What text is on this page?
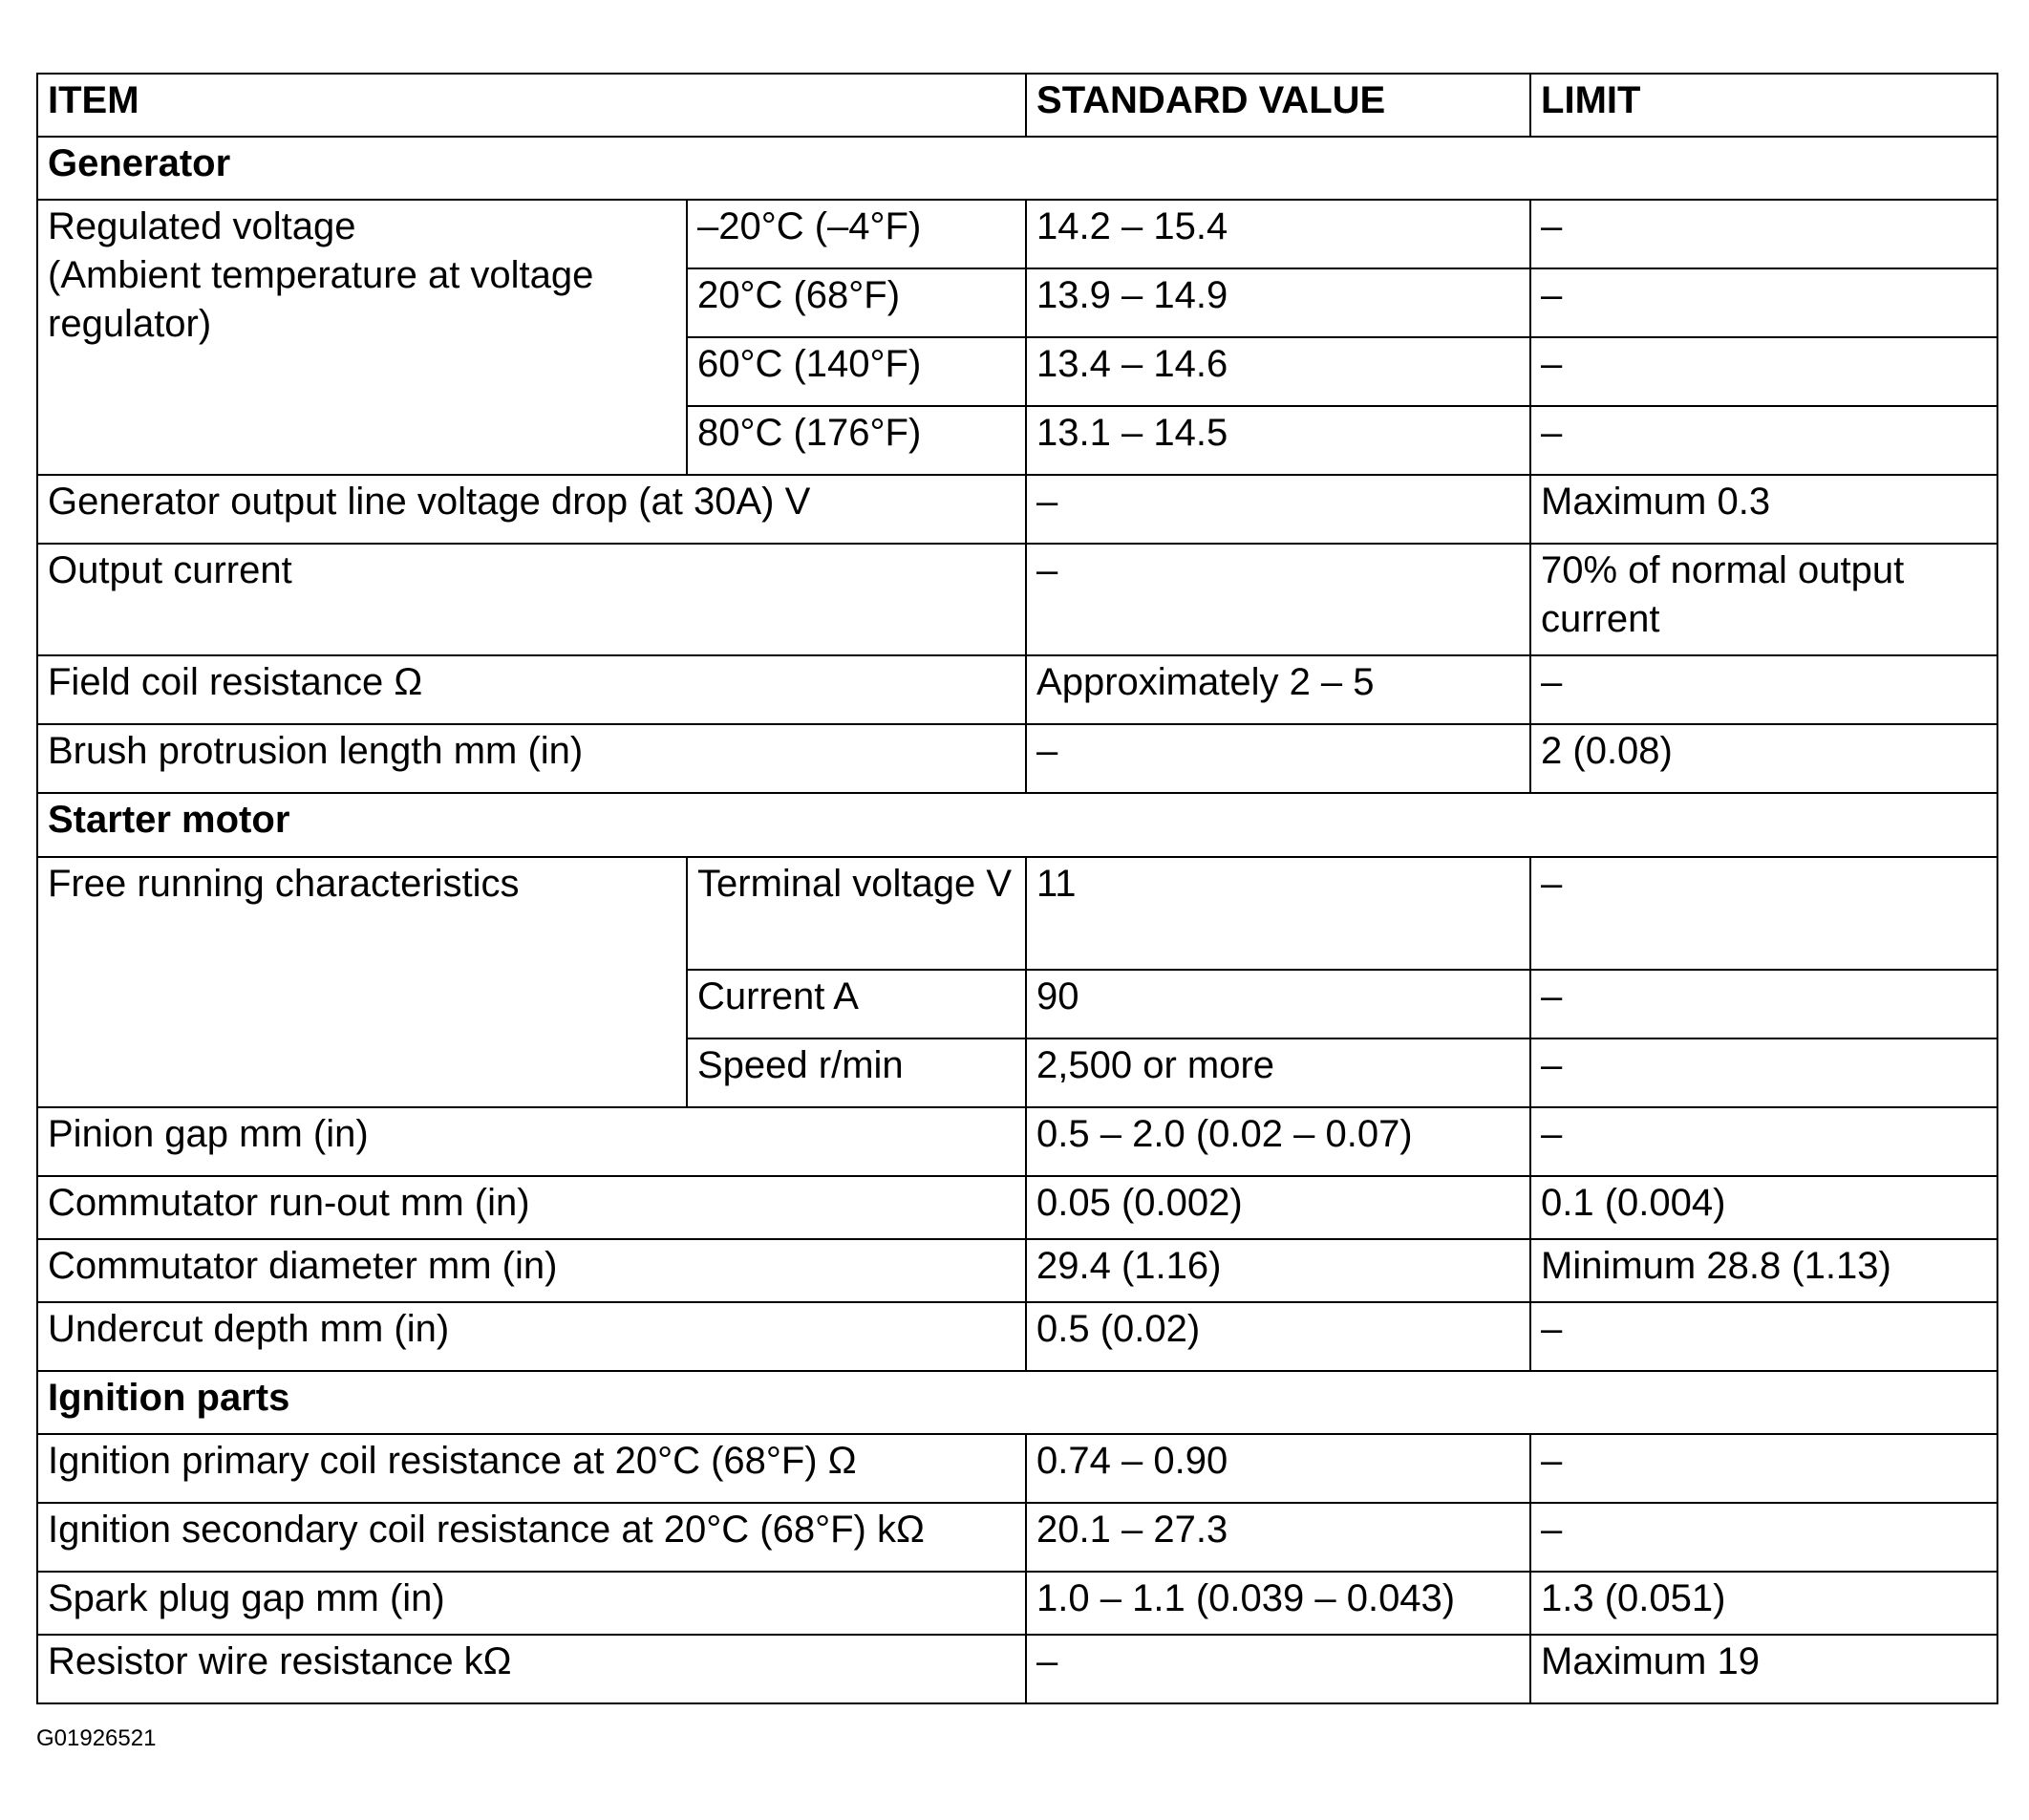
ITEM		STANDARD VALUE	LIMIT
Generator			
Regulated voltage
(Ambient temperature at voltage regulator)	–20°C (–4°F)	14.2 – 15.4	–
	20°C (68°F)	13.9 – 14.9	–
	60°C (140°F)	13.4 – 14.6	–
	80°C (176°F)	13.1 – 14.5	–
Generator output line voltage drop (at 30A) V		–	Maximum 0.3
Output current		–	70% of normal output current
Field coil resistance Ω		Approximately 2 – 5	–
Brush protrusion length mm (in)		–	2 (0.08)
Starter motor			
Free running characteristics	Terminal voltage V	11	–
	Current A	90	–
	Speed r/min	2,500 or more	–
Pinion gap mm (in)		0.5 – 2.0 (0.02 – 0.07)	–
Commutator run-out mm (in)		0.05 (0.002)	0.1 (0.004)
Commutator diameter mm (in)		29.4 (1.16)	Minimum 28.8 (1.13)
Undercut depth mm (in)		0.5 (0.02)	–
Ignition parts			
Ignition primary coil resistance at 20°C (68°F) Ω		0.74 – 0.90	–
Ignition secondary coil resistance at 20°C (68°F) kΩ		20.1 – 27.3	–
Spark plug gap mm (in)		1.0 – 1.1 (0.039 – 0.043)	1.3 (0.051)
Resistor wire resistance kΩ		–	Maximum 19
G01926521
